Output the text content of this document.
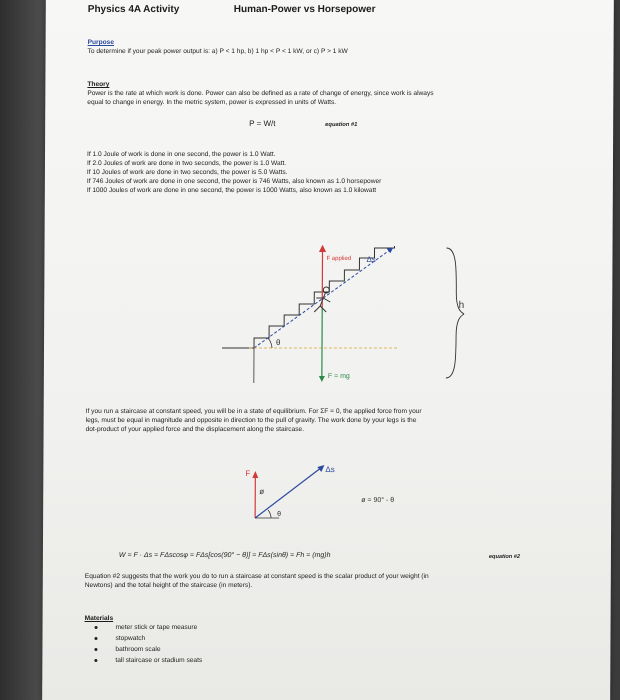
Physics 4A Activity	Human-Power vs Horsepower
Purpose
To determine if your peak power output is: a) P < 1 hp, b) 1 hp < P < 1 kW, or c) P > 1 kW
Theory
Power is the rate at which work is done. Power can also be defined as a rate of change of energy, since work is always
equal to change in energy. In the metric system, power is expressed in units of Watts.
P = W/t	equation #1
If 1.0 Joule of work is done in one second, the power is 1.0 Watt.
If 2.0 Joules of work are done in two seconds, the power is 1.0 Watt.
If 10 Joules of work are done in two seconds, the power is 5.0 Watts.
If 746 Joules of work are done in one second, the power is 746 Watts, also known as 1.0 horsepower
If 1000 Joules of work are done in one second, the power is 1000 Watts, also known as 1.0 kilowatt
θ
F applied
F = mg
Δs
h
If you run a staircase at constant speed, you will be in a state of equilibrium. For ΣF = 0, the applied force from your
legs, must be equal in magnitude and opposite in direction to the pull of gravity. The work done by your legs is the
dot-product of your applied force and the displacement along the staircase.
F	Δs
θ
ø
ø = 90° - θ
W = F · Δs = FΔscosφ = FΔs[cos(90° − θ)] = FΔs(sinθ) = Fh = (mg)h	equation #2
Equation #2 suggests that the work you do to run a staircase at constant speed is the scalar product of your weight (in
Newtons) and the total height of the staircase (in meters).
Materials
meter stick or tape measure
stopwatch
bathroom scale
tall staircase or stadium seats
